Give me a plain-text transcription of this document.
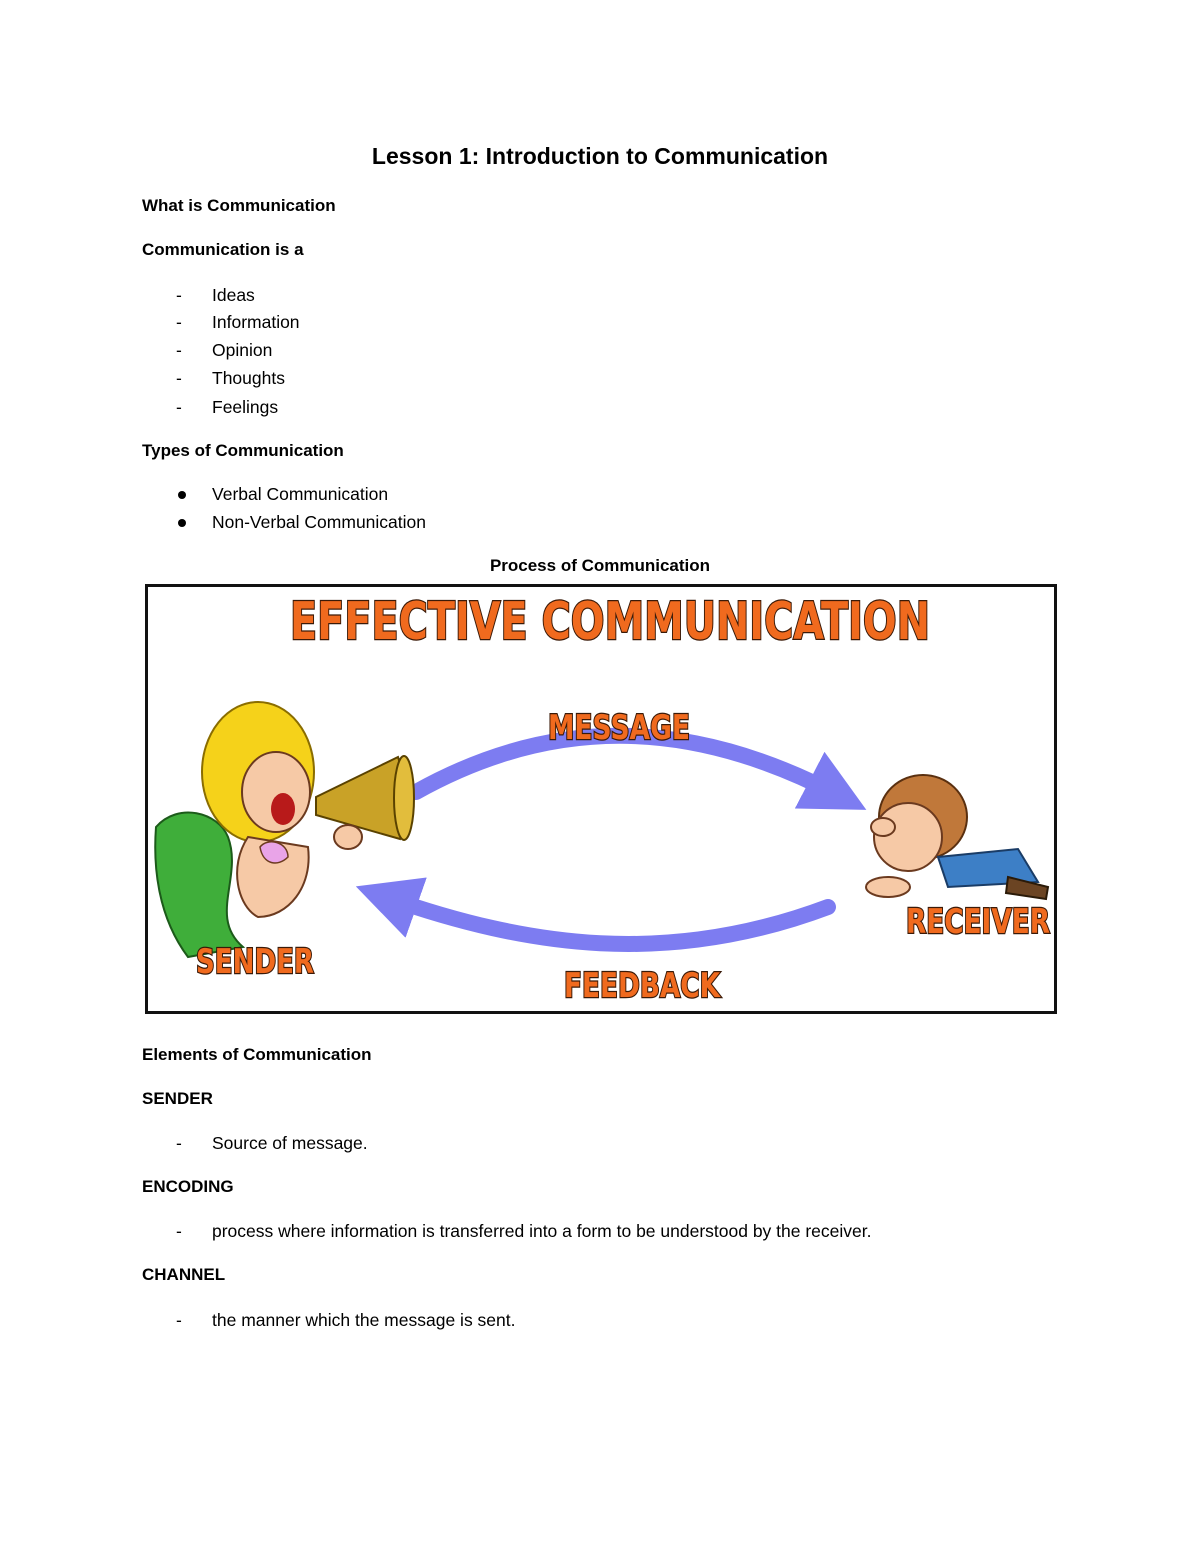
Lesson 1: Introduction to Communication
What is Communication
Communication is a
-	Ideas
-	Information
-	Opinion
-	Thoughts
-	Feelings
Types of Communication
Verbal Communication
Non-Verbal Communication
Process of Communication
EFFECTIVE COMMUNICATION
MESSAGE
FEEDBACK
SENDER
RECEIVER
Elements of Communication
SENDER
-	Source of message.
ENCODING
-	process where information is transferred into a form to be understood by the receiver.
CHANNEL
-	the manner which the message is sent.
